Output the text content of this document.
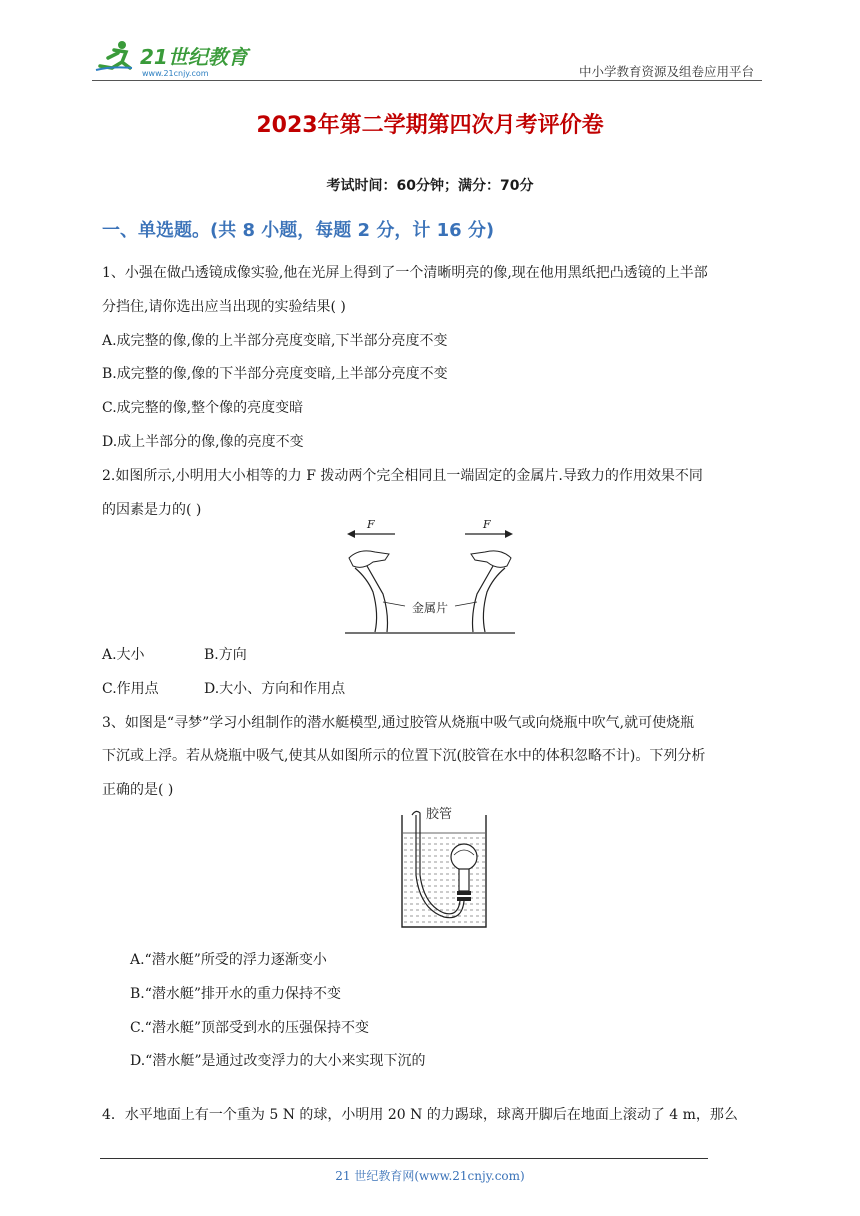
21世纪教育
www.21cnjy.com	中小学教育资源及组卷应用平台
2023年第二学期第四次月考评价卷
考试时间：60分钟；满分：70分
一、单选题。(共 8 小题，每题 2 分，计 16 分)
1、小强在做凸透镜成像实验,他在光屏上得到了一个清晰明亮的像,现在他用黑纸把凸透镜的上半部
分挡住,请你选出应当出现的实验结果( )
A.成完整的像,像的上半部分亮度变暗,下半部分亮度不变
B.成完整的像,像的下半部分亮度变暗,上半部分亮度不变
C.成完整的像,整个像的亮度变暗
D.成上半部分的像,像的亮度不变
2.如图所示,小明用大小相等的力 F 拨动两个完全相同且一端固定的金属片.导致力的作用效果不同
的因素是力的( )
F	F
金属片
A.大小	B.方向
C.作用点	D.大小、方向和作用点
3、如图是“寻梦”学习小组制作的潜水艇模型,通过胶管从烧瓶中吸气或向烧瓶中吹气,就可使烧瓶
下沉或上浮。若从烧瓶中吸气,使其从如图所示的位置下沉(胶管在水中的体积忽略不计)。下列分析
正确的是( )
胶管
A.“潜水艇”所受的浮力逐渐变小
B.“潜水艇”排开水的重力保持不变
C.“潜水艇”顶部受到水的压强保持不变
D.“潜水艇”是通过改变浮力的大小来实现下沉的
4．水平地面上有一个重为 5 N 的球，小明用 20 N 的力踢球，球离开脚后在地面上滚动了 4 m，那么
21 世纪教育网(www.21cnjy.com)
